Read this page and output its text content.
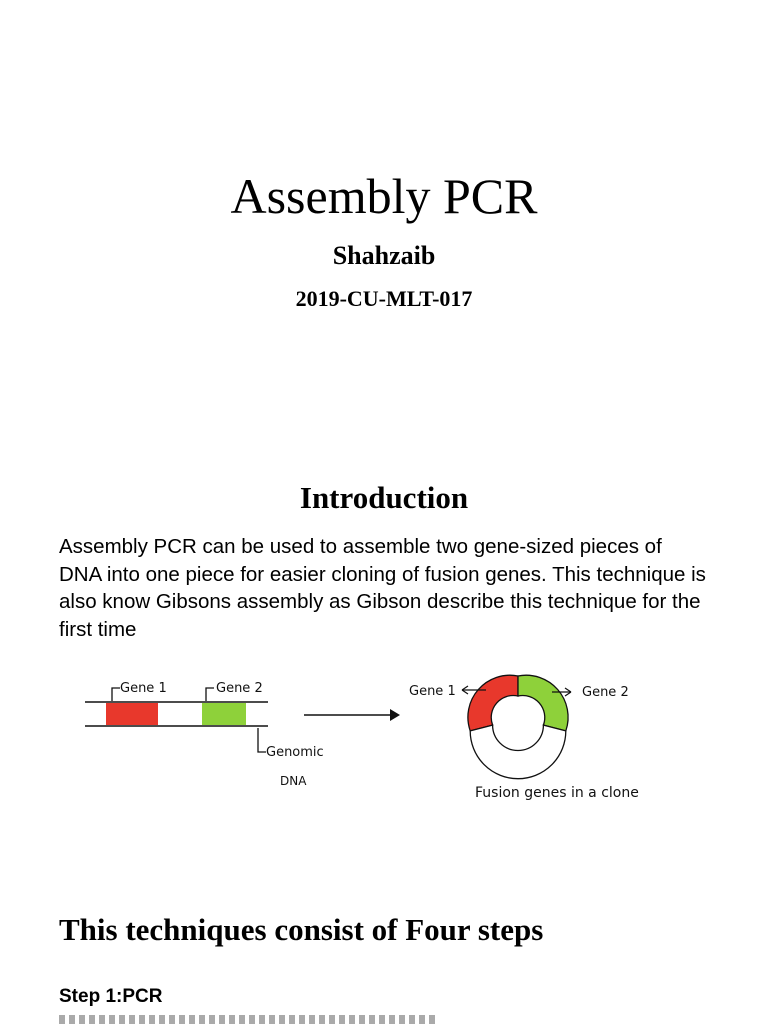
Assembly PCR
Shahzaib
2019-CU-MLT-017
Introduction

Assembly PCR can be used to assemble two gene-sized pieces of DNA into one piece for easier cloning of fusion genes. This technique is also know Gibsons assembly as Gibson describe this technique for the first time

Gene 1	Gene 2
Genomic
DNA
Gene 1	Gene 2
Fusion genes in a clone
This techniques consist of Four steps
Step 1:PCR
